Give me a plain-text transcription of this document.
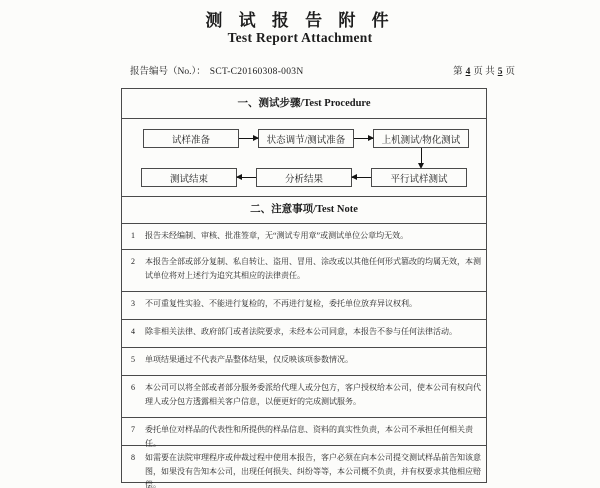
测 试 报 告 附 件
Test Report Attachment
报告编号（No.）： SCT-C20160308-003N	第 4 页 共 5 页
一、测试步骤/Test Procedure
试样准备	状态调节/测试准备	上机测试/物化测试
测试结束	分析结果	平行试样测试
二、注意事项/Test Note
1	报告未经编制、审核、批准签章，无“测试专用章”或测试单位公章均无效。
2	本报告全部或部分复制、私自转让、盗用、冒用、涂改或以其他任何形式篡改的均属无效，本测试单位将对上述行为追究其相应的法律责任。
3	不可重复性实验、不能进行复检的，不再进行复检，委托单位放弃异议权利。
4	除非相关法律、政府部门或者法院要求，未经本公司同意，本报告不参与任何法律活动。
5	单项结果通过不代表产品整体结果，仅反映该项参数情况。
6	本公司可以将全部或者部分服务委派给代理人或分包方，客户授权给本公司，使本公司有权向代理人或分包方透露相关客户信息，以便更好的完成测试服务。
7	委托单位对样品的代表性和所提供的样品信息、资料的真实性负责，本公司不承担任何相关责任。
8	如需要在法院审理程序或仲裁过程中使用本报告，客户必须在向本公司提交测试样品前告知该意图，如果没有告知本公司，出现任何损失、纠纷等等，本公司概不负责，并有权要求其他相应赔偿。
